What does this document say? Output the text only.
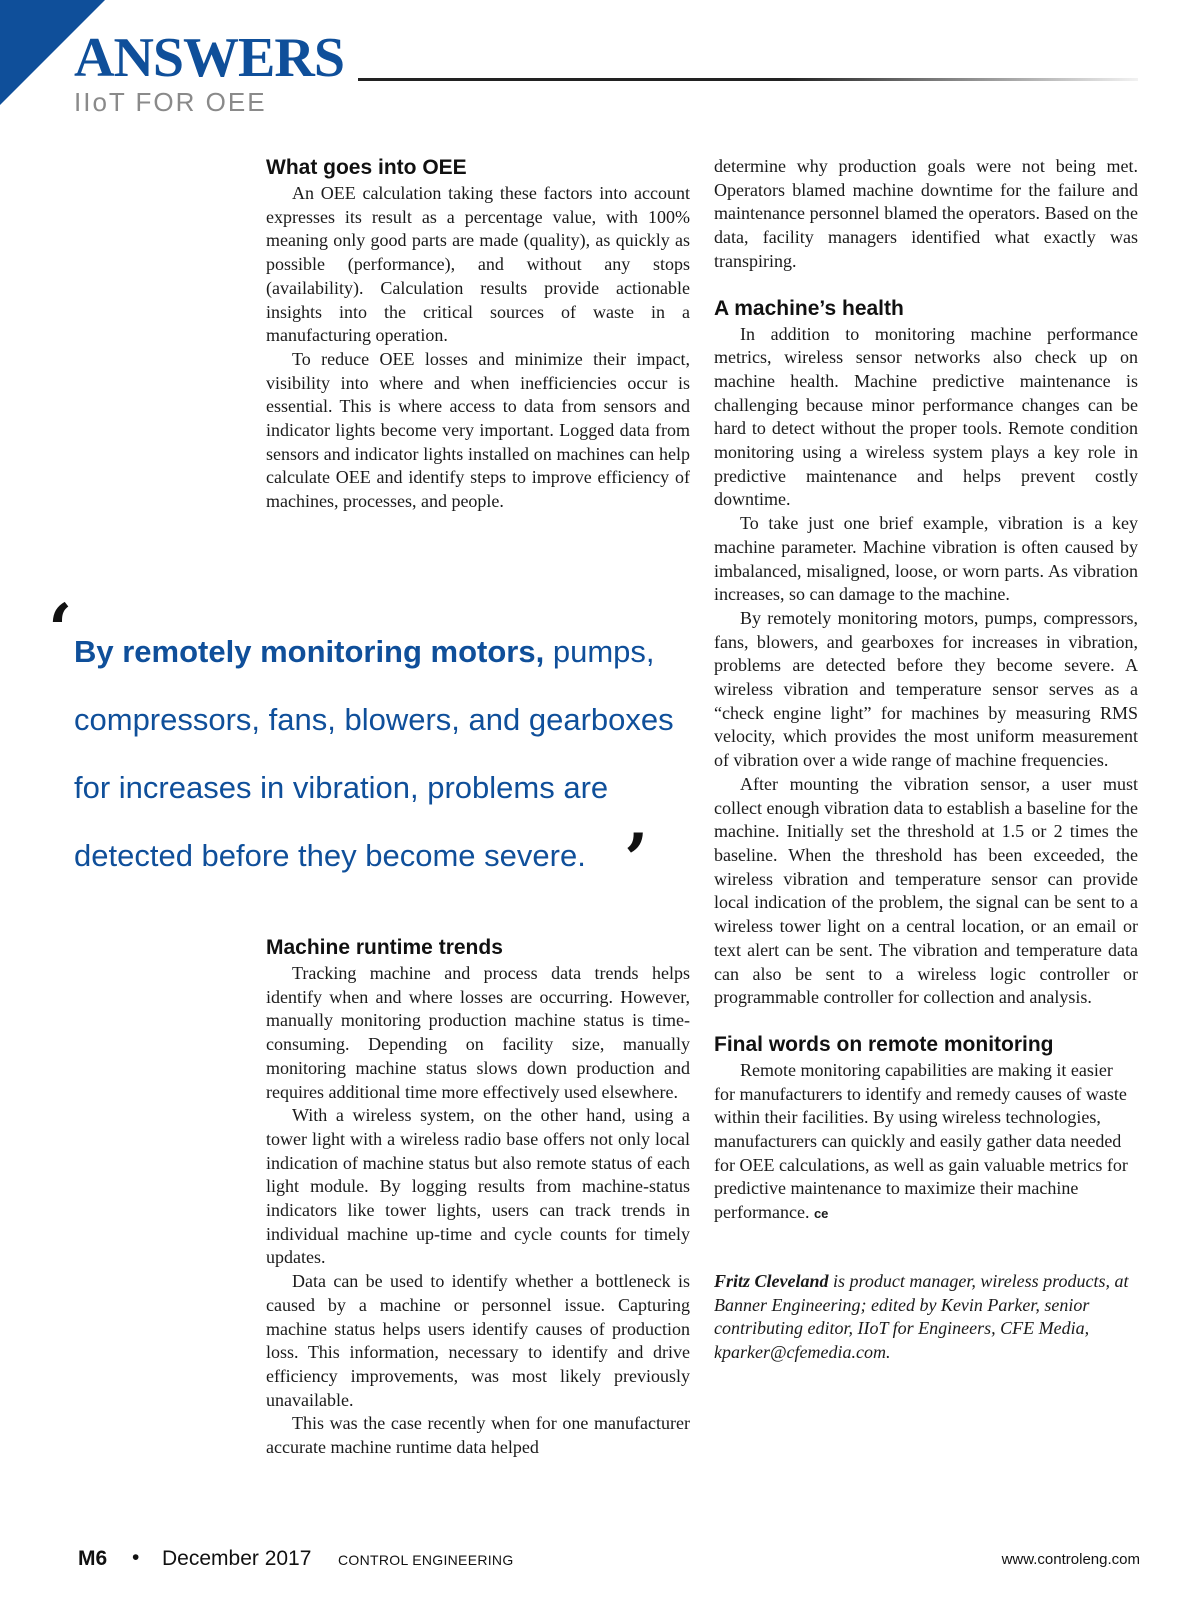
ANSWERS
IIoT FOR OEE
What goes into OEE

An OEE calculation taking these factors into account expresses its result as a percentage value, with 100% meaning only good parts are made (quality), as quickly as possible (performance), and without any stops (availability). Calculation results provide actionable insights into the critical sources of waste in a manufacturing operation.

To reduce OEE losses and minimize their impact, visibility into where and when inefficiencies occur is essential. This is where access to data from sensors and indicator lights become very important. Logged data from sensors and indicator lights installed on machines can help calculate OEE and identify steps to improve efficiency of machines, processes, and people.

‘ By remotely monitoring motors, pumps, compressors, fans, blowers, and gearboxes for increases in vibration, problems are detected before they become severe. ’
Machine runtime trends

Tracking machine and process data trends helps identify when and where losses are occurring. However, manually monitoring production machine status is time-consuming. Depending on facility size, manually monitoring machine status slows down production and requires additional time more effectively used elsewhere.

With a wireless system, on the other hand, using a tower light with a wireless radio base offers not only local indication of machine status but also remote status of each light module. By logging results from machine-status indicators like tower lights, users can track trends in individual machine up-time and cycle counts for timely updates.

Data can be used to identify whether a bottleneck is caused by a machine or personnel issue. Capturing machine status helps users identify causes of production loss. This information, necessary to identify and drive efficiency improvements, was most likely previously unavailable.

This was the case recently when for one manufacturer accurate machine runtime data helped

determine why production goals were not being met. Operators blamed machine downtime for the failure and maintenance personnel blamed the operators. Based on the data, facility managers identified what exactly was transpiring.

A machine’s health

In addition to monitoring machine performance metrics, wireless sensor networks also check up on machine health. Machine predictive maintenance is challenging because minor performance changes can be hard to detect without the proper tools. Remote condition monitoring using a wireless system plays a key role in predictive maintenance and helps prevent costly downtime.

To take just one brief example, vibration is a key machine parameter. Machine vibration is often caused by imbalanced, misaligned, loose, or worn parts. As vibration increases, so can damage to the machine.

By remotely monitoring motors, pumps, compressors, fans, blowers, and gearboxes for increases in vibration, problems are detected before they become severe. A wireless vibration and temperature sensor serves as a “check engine light” for machines by measuring RMS velocity, which provides the most uniform measurement of vibration over a wide range of machine frequencies.

After mounting the vibration sensor, a user must collect enough vibration data to establish a baseline for the machine. Initially set the threshold at 1.5 or 2 times the baseline. When the threshold has been exceeded, the wireless vibration and temperature sensor can provide local indication of the problem, the signal can be sent to a wireless tower light on a central location, or an email or text alert can be sent. The vibration and temperature data can also be sent to a wireless logic controller or programmable controller for collection and analysis.

Final words on remote monitoring

Remote monitoring capabilities are making it easier for manufacturers to identify and remedy causes of waste within their facilities. By using wireless technologies, manufacturers can quickly and easily gather data needed for OEE calculations, as well as gain valuable metrics for predictive maintenance to maximize their machine performance. ce

Fritz Cleveland is product manager, wireless products, at Banner Engineering; edited by Kevin Parker, senior contributing editor, IIoT for Engineers, CFE Media, kparker@cfemedia.com.

M6 • December 2017 CONTROL ENGINEERING	www.controleng.com
